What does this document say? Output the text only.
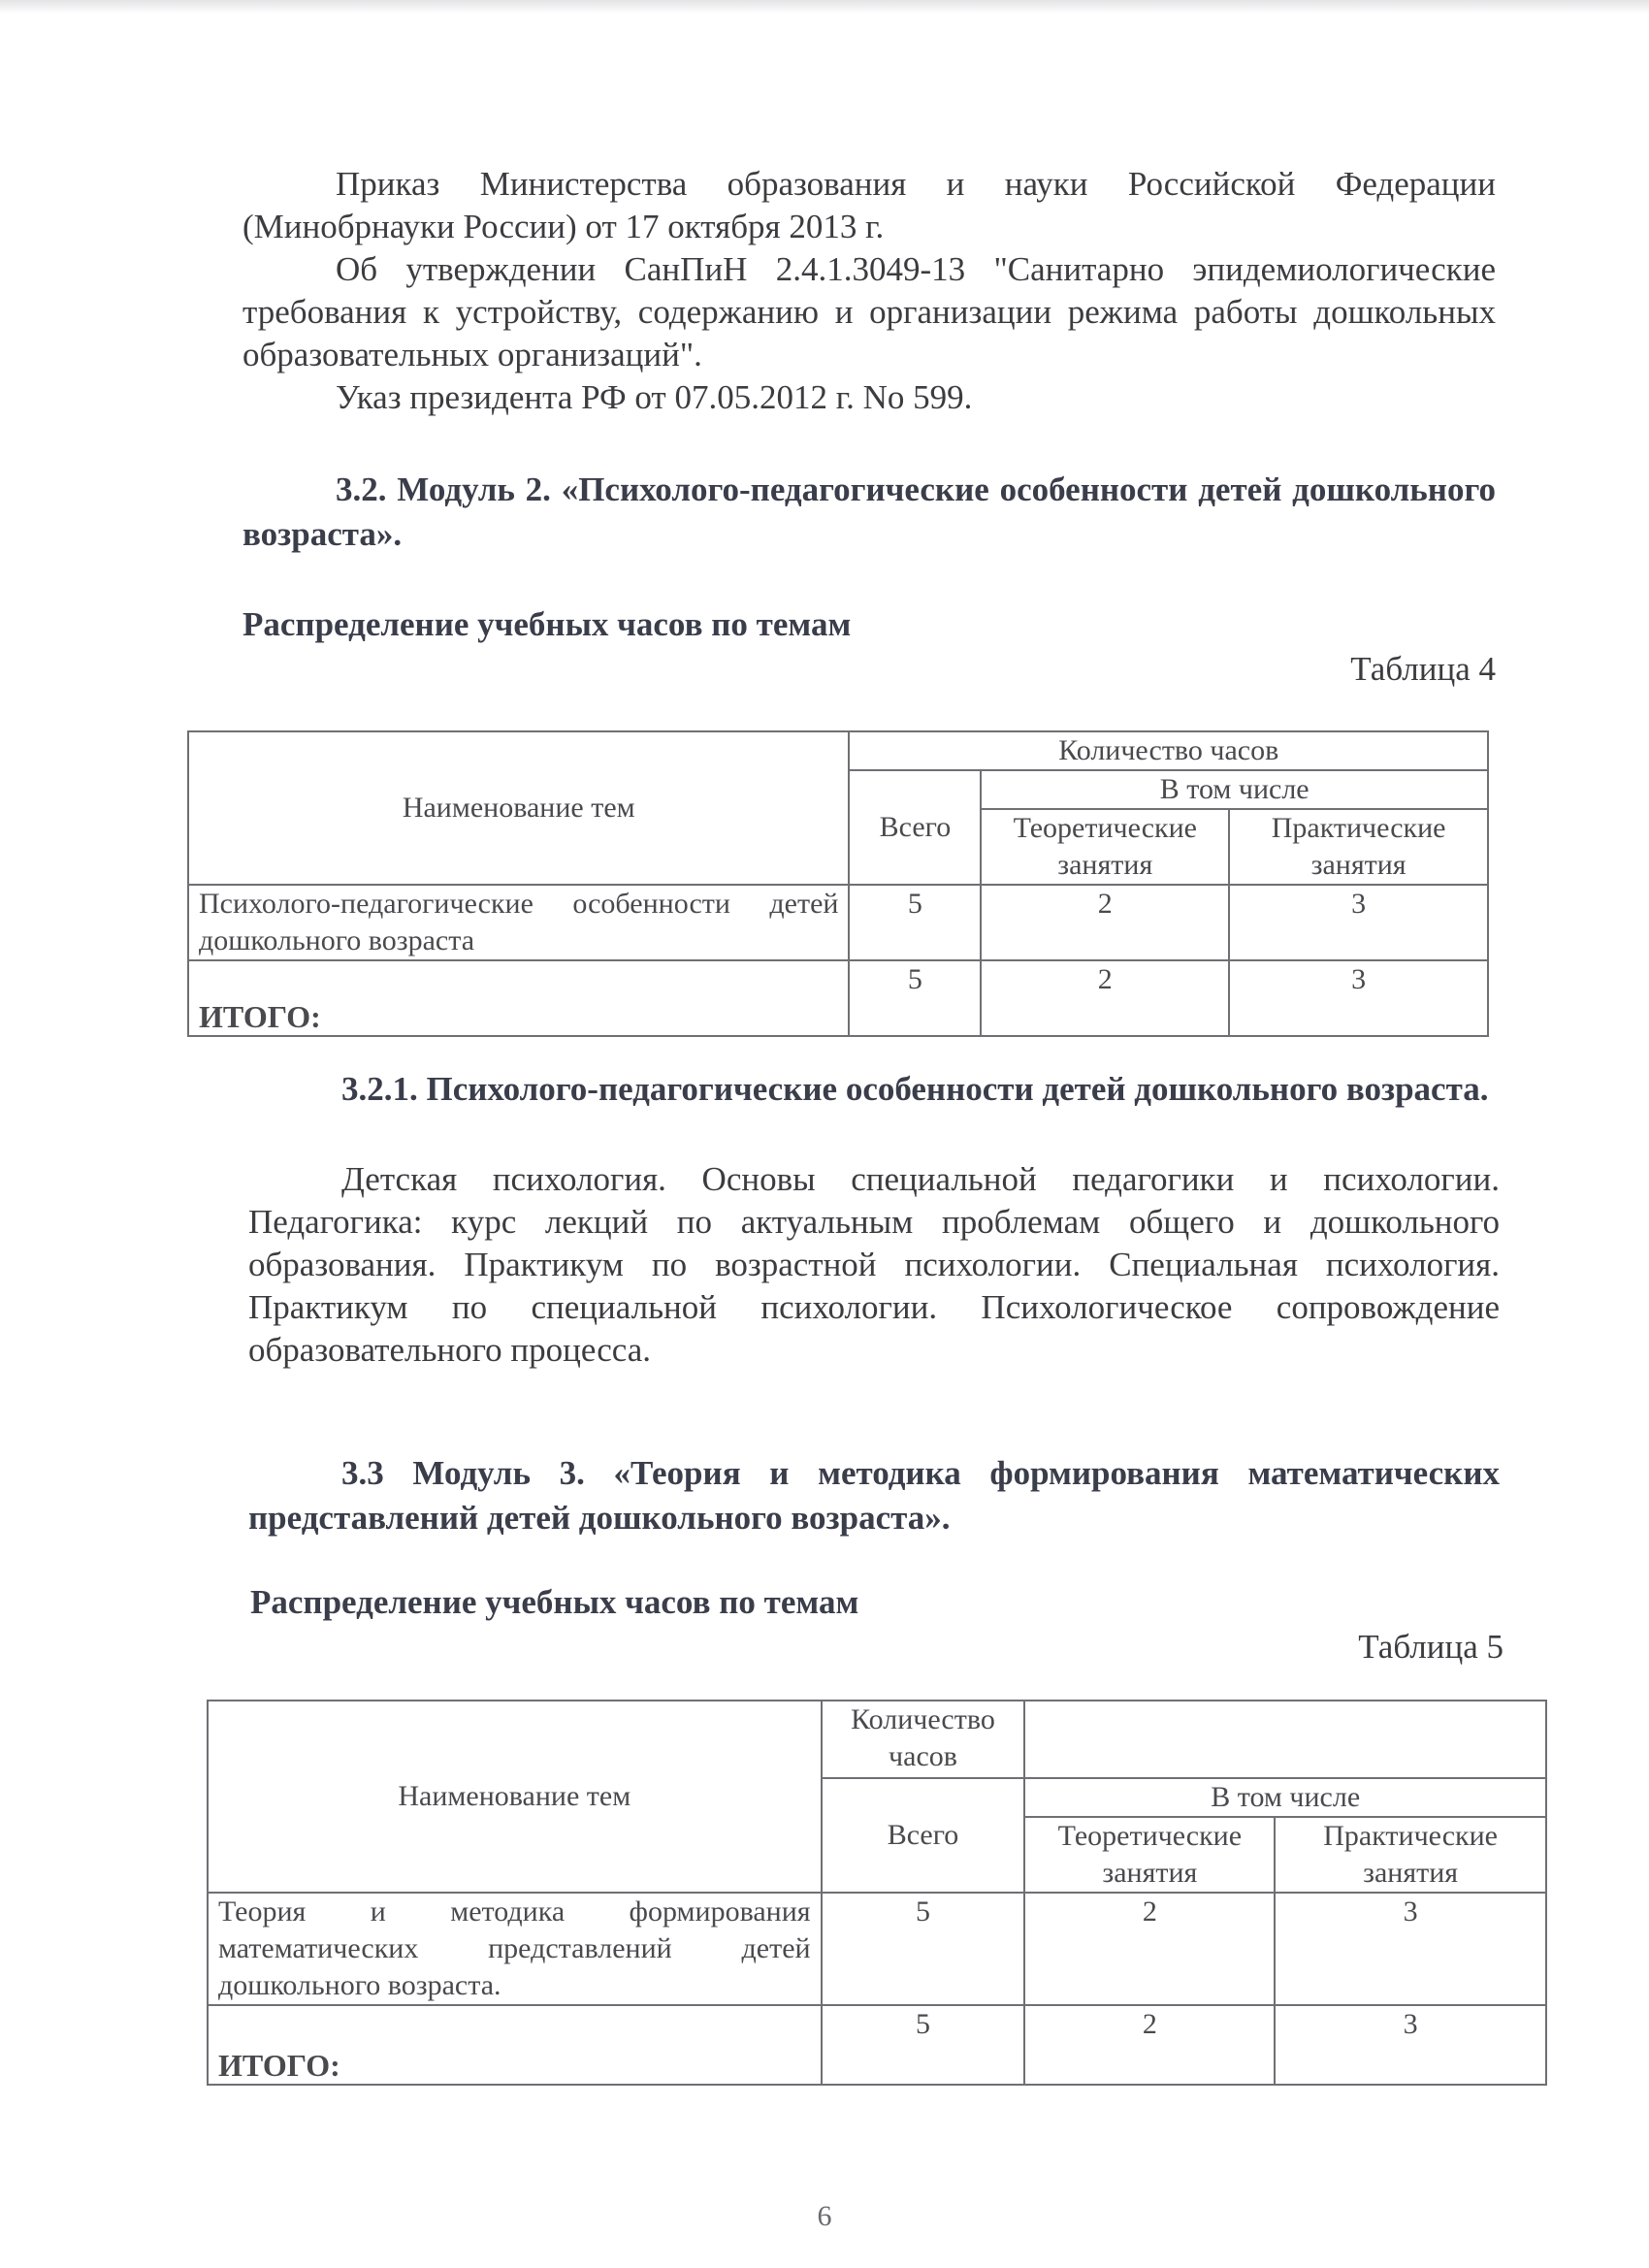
Приказ Министерства образования и науки Российской Федерации (Минобрнауки России) от 17 октября 2013 г.

Об утверждении СанПиН 2.4.1.3049-13 "Санитарно эпидемиологические требования к устройству, содержанию и организации режима работы дошкольных образовательных организаций".

Указ президента РФ от 07.05.2012 г. No 599.

3.2. Модуль 2. «Психолого-педагогические особенности детей дошкольного возраста».

Распределение учебных часов по темам

Таблица 4

Наименование тем	Количество часов		
	Всего	В том числе	
		Теоретические занятия	Практические занятия
Психолого-педагогические особенности детей дошкольного возраста	5	2	3
ИТОГО:	5	2	3

3.2.1. Психолого-педагогические особенности детей дошкольного возраста.

Детская психология. Основы специальной педагогики и психологии. Педагогика: курс лекций по актуальным проблемам общего и дошкольного образования. Практикум по возрастной психологии. Специальная психология. Практикум по специальной психологии. Психологическое сопровождение образовательного процесса.

3.3 Модуль 3. «Теория и методика формирования математических представлений детей дошкольного возраста».

Распределение учебных часов по темам

Таблица 5

Наименование тем	Количество часов		
	Всего	В том числе	
		Теоретические занятия	Практические занятия
Теория и методика формирования математических представлений детей дошкольного возраста.	5	2	3
ИТОГО:	5	2	3
6
